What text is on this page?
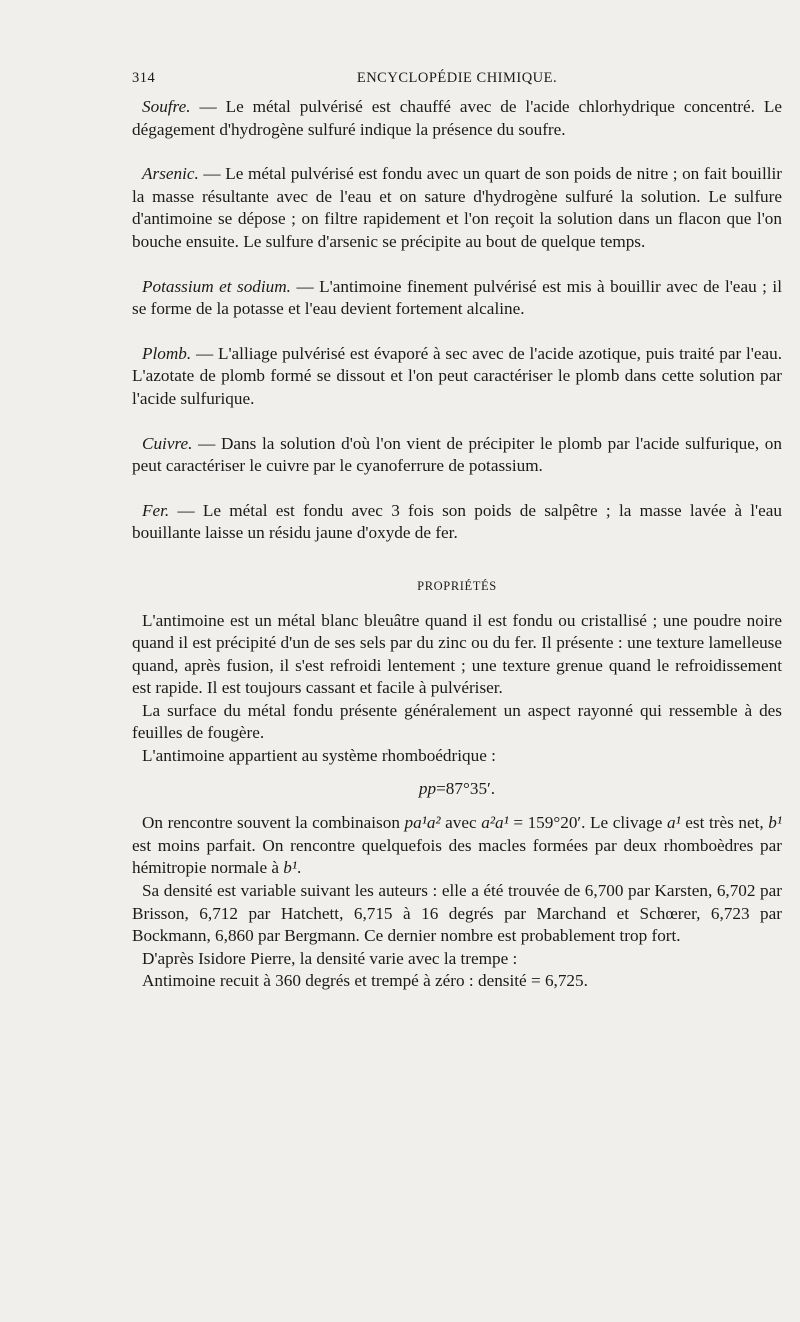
314	ENCYCLOPÉDIE CHIMIQUE.

Soufre. — Le métal pulvérisé est chauffé avec de l'acide chlorhydrique concentré. Le dégagement d'hydrogène sulfuré indique la présence du soufre.

Arsenic. — Le métal pulvérisé est fondu avec un quart de son poids de nitre ; on fait bouillir la masse résultante avec de l'eau et on sature d'hydrogène sulfuré la solution. Le sulfure d'antimoine se dépose ; on filtre rapidement et l'on reçoit la solution dans un flacon que l'on bouche ensuite. Le sulfure d'arsenic se précipite au bout de quelque temps.

Potassium et sodium. — L'antimoine finement pulvérisé est mis à bouillir avec de l'eau ; il se forme de la potasse et l'eau devient fortement alcaline.

Plomb. — L'alliage pulvérisé est évaporé à sec avec de l'acide azotique, puis traité par l'eau. L'azotate de plomb formé se dissout et l'on peut caractériser le plomb dans cette solution par l'acide sulfurique.

Cuivre. — Dans la solution d'où l'on vient de précipiter le plomb par l'acide sulfurique, on peut caractériser le cuivre par le cyanoferrure de potassium.

Fer. — Le métal est fondu avec 3 fois son poids de salpêtre ; la masse lavée à l'eau bouillante laisse un résidu jaune d'oxyde de fer.

PROPRIÉTÉS

L'antimoine est un métal blanc bleuâtre quand il est fondu ou cristallisé ; une poudre noire quand il est précipité d'un de ses sels par du zinc ou du fer. Il présente : une texture lamelleuse quand, après fusion, il s'est refroidi lentement ; une texture grenue quand le refroidissement est rapide. Il est toujours cassant et facile à pulvériser.

La surface du métal fondu présente généralement un aspect rayonné qui ressemble à des feuilles de fougère.

L'antimoine appartient au système rhomboédrique :

pp=87°35′.

On rencontre souvent la combinaison pa¹a² avec a²a¹ = 159°20′. Le clivage a¹ est très net, b¹ est moins parfait. On rencontre quelquefois des macles formées par deux rhomboèdres par hémitropie normale à b¹.

Sa densité est variable suivant les auteurs : elle a été trouvée de 6,700 par Karsten, 6,702 par Brisson, 6,712 par Hatchett, 6,715 à 16 degrés par Marchand et Schœrer, 6,723 par Bockmann, 6,860 par Bergmann. Ce dernier nombre est probablement trop fort.

D'après Isidore Pierre, la densité varie avec la trempe :

Antimoine recuit à 360 degrés et trempé à zéro : densité = 6,725.
